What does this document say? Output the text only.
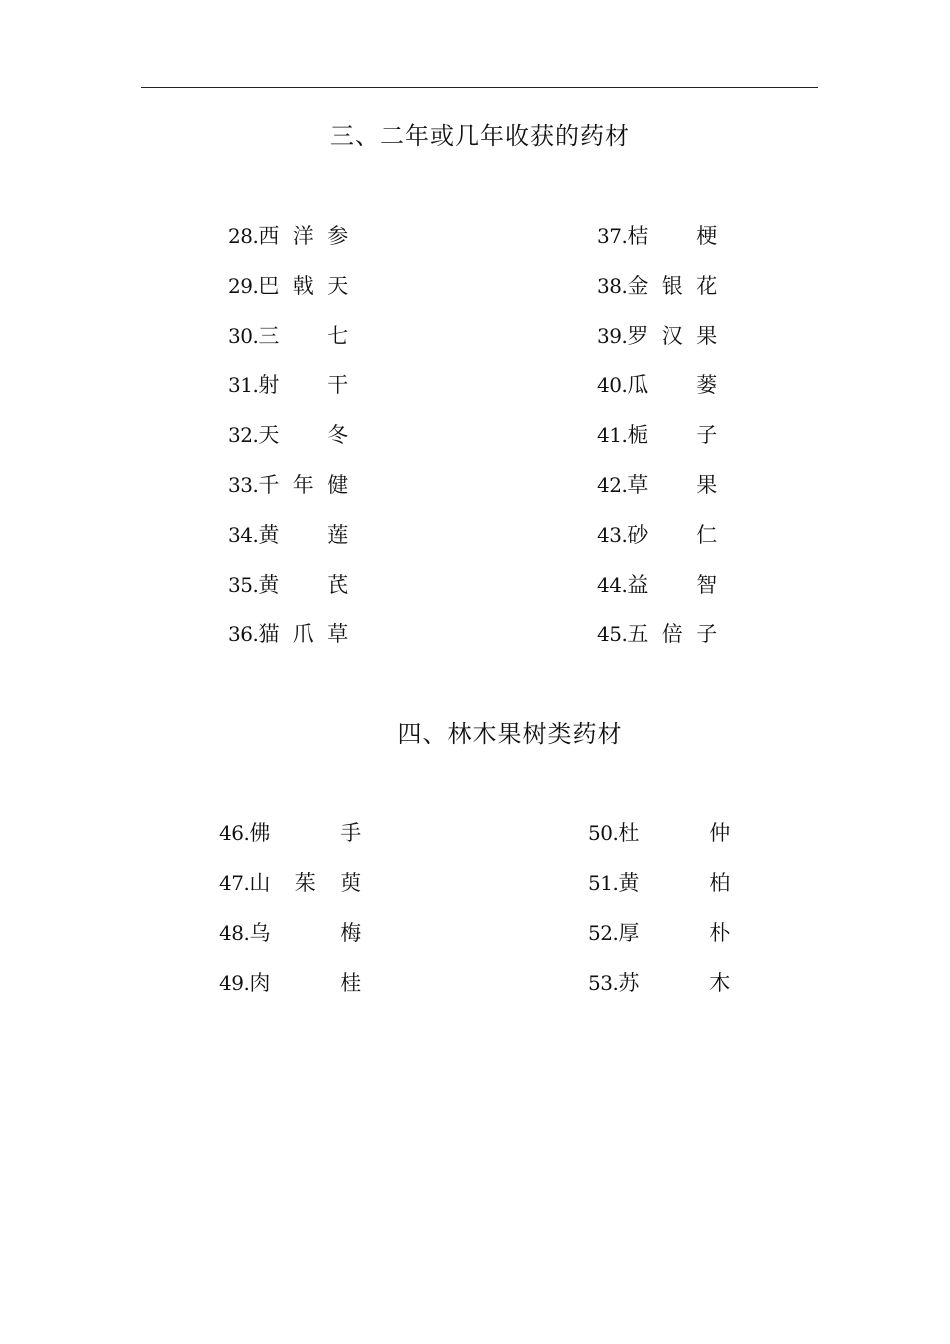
三、二年或几年收获的药材
28.西 洋 参
29.巴 戟 天
30.三 七
31.射 干
32.天 冬
33.千 年 健
34.黄 莲
35.黄 芪
36.猫 爪 草
37.桔 梗
38.金 银 花
39.罗 汉 果
40.瓜 蒌
41.栀 子
42.草 果
43.砂 仁
44.益 智
45.五 倍 子
四、林木果树类药材
46.佛 手
47.山 茱 萸
48.乌 梅
49.肉 桂
50.杜 仲
51.黄 柏
52.厚 朴
53.苏 木
